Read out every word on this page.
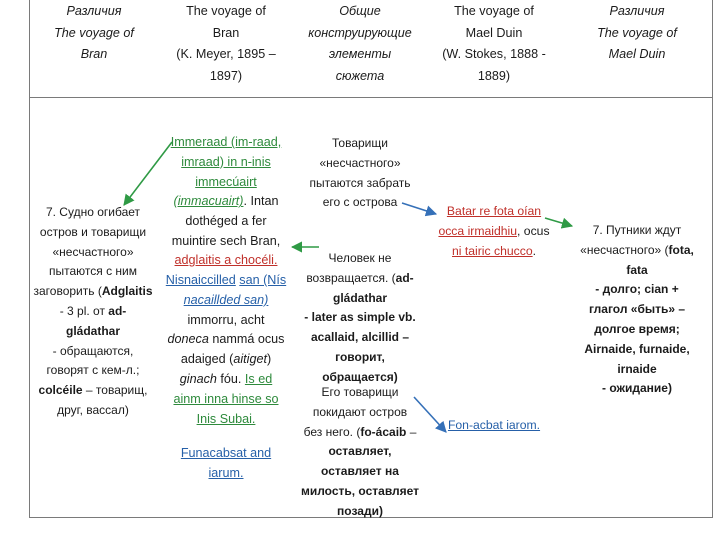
Различия
The voyage of
Bran
The voyage of
Bran
(K. Meyer, 1895 –
1897)
Общие
конструирующие
элементы
сюжета
The voyage of
Mael Duin
(W. Stokes, 1888 -
1889)
Различия
The voyage of
Mael Duin
7. Судно огибает
остров и товарищи
«несчастного»
пытаются с ним
заговорить (Adglaitis
- 3 pl. от ad-
gládathar
- обращаются,
говорят с кем-л.;
colcéile – товарищ,
друг, вассал)
Immeraad (im-raad,
imraad) in n-inis
immecúairt
(immacuairt). Intan
dothéged a fer
muintire sech Bran,
adglaitis a chocéli.
Nisnaiccilled san (Nís
nacaillded san)
immorru, acht
doneca nammá ocus
adaiged (aitiget)
ginach fóu. Is ed
ainm inna hinse so
Inis Subai.
Funacabsat and
iarum.
Товарищи
«несчастного»
пытаются забрать
его с острова
Человек не
возвращается. (ad-
gládathar
- later as simple vb.
acallaid, alcillid –
говорит,
обращается)
Его товарищи
покидают остров
без него. (fo-ácaib –
оставляет,
оставляет на
милость, оставляет
позади)
Batar re fota oían
occa irmaidhiu, ocus
ni tairic chucco.
Fon-acbat iarom.
7. Путники ждут
«несчастного» (fota,
fata
- долго; cian +
глагол «быть» –
долгое время;
Airnaide, furnaide,
irnaide
- ожидание)
